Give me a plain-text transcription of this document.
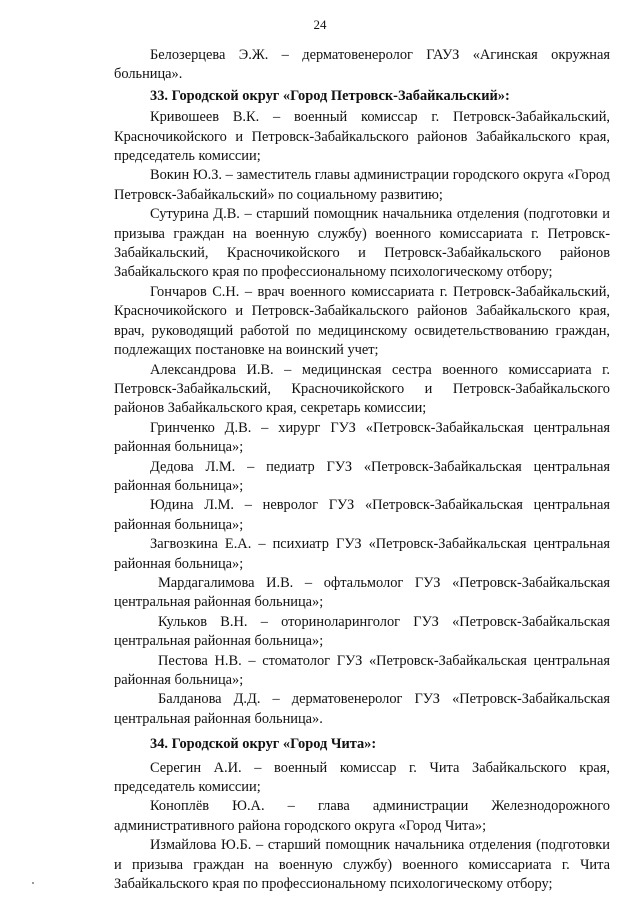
24

Белозерцева Э.Ж. – дерматовенеролог ГАУЗ «Агинская окружная больница».

33. Городской округ «Город Петровск-Забайкальский»:

Кривошеев В.К. – военный комиссар г. Петровск-Забайкальский, Красночикойского и Петровск-Забайкальского районов Забайкальского края, председатель комиссии;

Вокин Ю.З. – заместитель главы администрации городского округа «Город Петровск-Забайкальский» по социальному развитию;

Сутурина Д.В. – старший помощник начальника отделения (подготовки и призыва граждан на военную службу) военного комиссариата г. Петровск-Забайкальский, Красночикойского и Петровск-Забайкальского районов Забайкальского края по профессиональному психологическому отбору;

Гончаров С.Н. – врач военного комиссариата г. Петровск-Забайкальский, Красночикойского и Петровск-Забайкальского районов Забайкальского края, врач, руководящий работой по медицинскому освидетельствованию граждан, подлежащих постановке на воинский учет;

Александрова И.В. – медицинская сестра военного комиссариата г. Петровск-Забайкальский, Красночикойского и Петровск-Забайкальского районов Забайкальского края, секретарь комиссии;

Гринченко Д.В. – хирург ГУЗ «Петровск-Забайкальская центральная районная больница»;

Дедова Л.М. – педиатр ГУЗ «Петровск-Забайкальская центральная районная больница»;

Юдина Л.М. – невролог ГУЗ «Петровск-Забайкальская центральная районная больница»;

Загвозкина Е.А. – психиатр ГУЗ «Петровск-Забайкальская центральная районная больница»;

Мардагалимова И.В. – офтальмолог ГУЗ «Петровск-Забайкальская центральная районная больница»;

Кульков В.Н. – оториноларинголог ГУЗ «Петровск-Забайкальская центральная районная больница»;

Пестова Н.В. – стоматолог ГУЗ «Петровск-Забайкальская центральная районная больница»;

Балданова Д.Д. – дерматовенеролог ГУЗ «Петровск-Забайкальская центральная районная больница».

34. Городской округ «Город Чита»:

Серегин А.И. – военный комиссар г. Чита Забайкальского края, председатель комиссии;

Коноплёв Ю.А. – глава администрации Железнодорожного административного района городского округа «Город Чита»;

Измайлова Ю.Б. – старший помощник начальника отделения (подготовки и призыва граждан на военную службу) военного комиссариата г. Чита Забайкальского края по профессиональному психологическому отбору;
